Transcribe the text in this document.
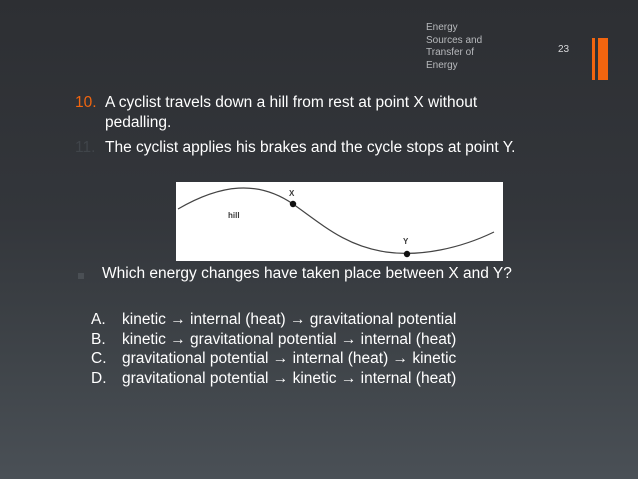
Energy
Sources and
Transfer of
Energy
23
10. A cyclist travels down a hill from rest at point X without pedalling.
11. The cyclist applies his brakes and the cycle stops at point Y.
hill
X
Y
Which energy changes have taken place between X and Y?
A. kinetic → internal (heat) → gravitational potential
B. kinetic → gravitational potential → internal (heat)
C. gravitational potential → internal (heat) → kinetic
D. gravitational potential → kinetic → internal (heat)
